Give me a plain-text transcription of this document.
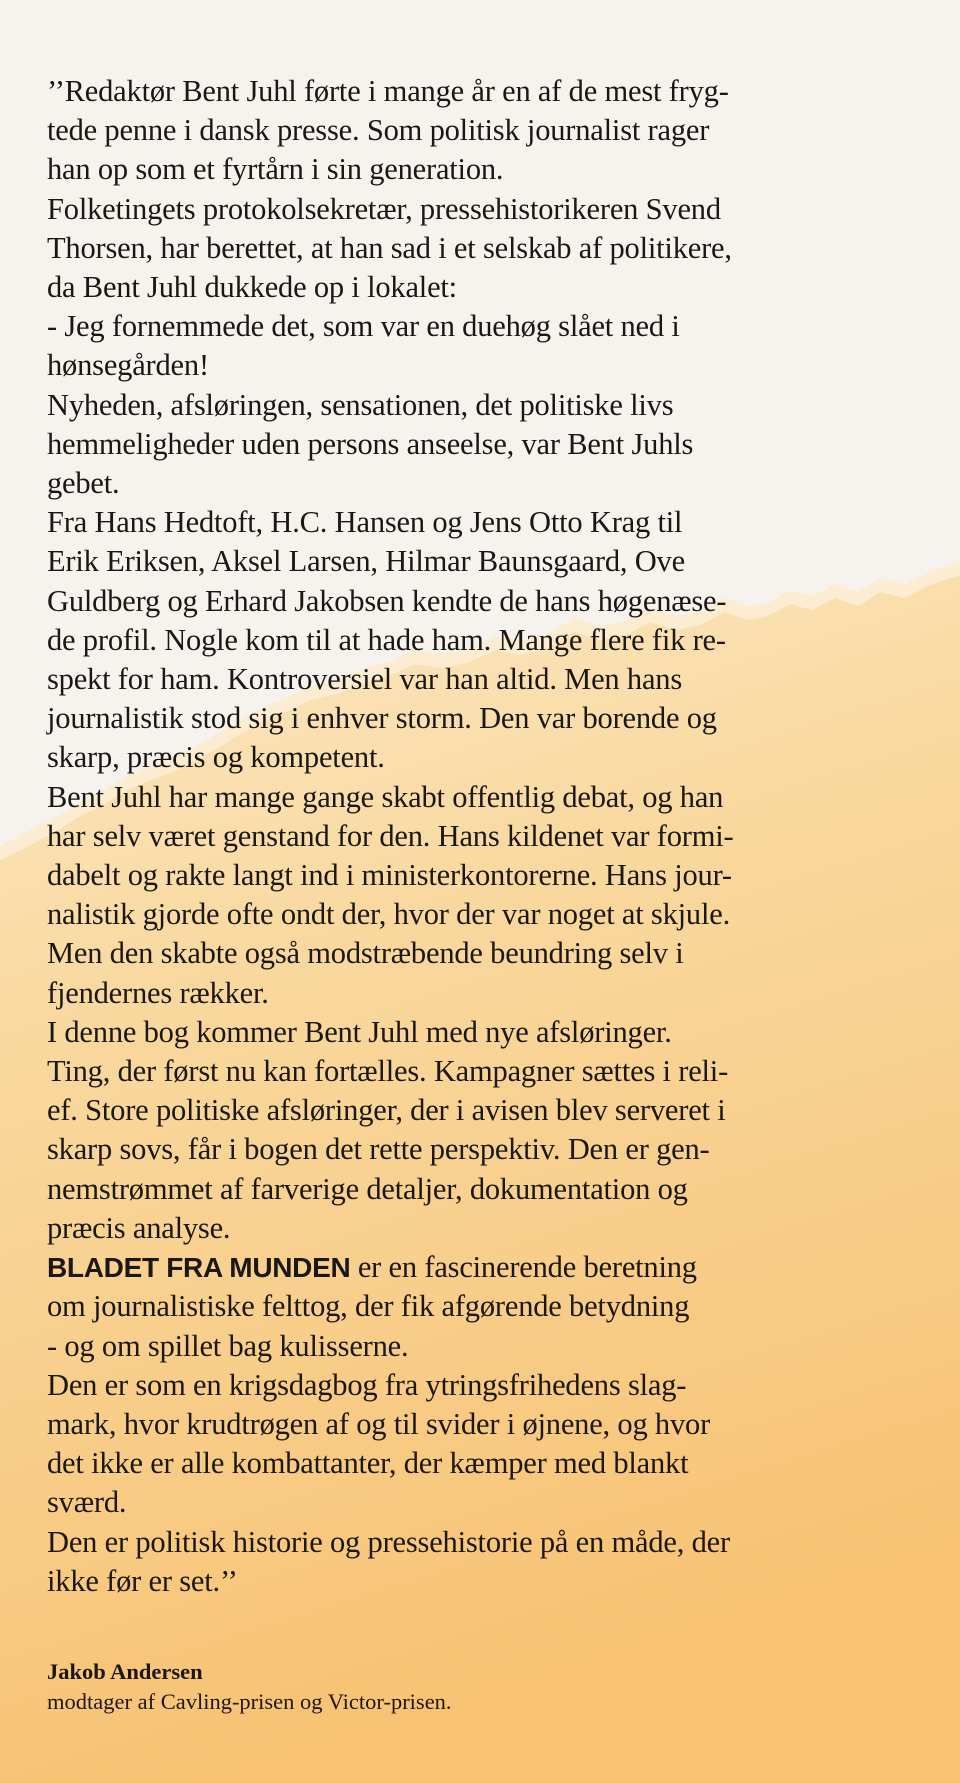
’’Redaktør Bent Juhl førte i mange år en af de mest fryg-
tede penne i dansk presse. Som politisk journalist rager
han op som et fyrtårn i sin generation.

Folketingets protokolsekretær, pressehistorikeren Svend
Thorsen, har berettet, at han sad i et selskab af politikere,
da Bent Juhl dukkede op i lokalet:

- Jeg fornemmede det, som var en duehøg slået ned i
hønsegården!

Nyheden, afsløringen, sensationen, det politiske livs
hemmeligheder uden persons anseelse, var Bent Juhls
gebet.

Fra Hans Hedtoft, H.C. Hansen og Jens Otto Krag til
Erik Eriksen, Aksel Larsen, Hilmar Baunsgaard, Ove
Guldberg og Erhard Jakobsen kendte de hans høgenæse-
de profil. Nogle kom til at hade ham. Mange flere fik re-
spekt for ham. Kontroversiel var han altid. Men hans
journalistik stod sig i enhver storm. Den var borende og
skarp, præcis og kompetent.

Bent Juhl har mange gange skabt offentlig debat, og han
har selv været genstand for den. Hans kildenet var formi-
dabelt og rakte langt ind i ministerkontorerne. Hans jour-
nalistik gjorde ofte ondt der, hvor der var noget at skjule.
Men den skabte også modstræbende beundring selv i
fjendernes rækker.

I denne bog kommer Bent Juhl med nye afsløringer.
Ting, der først nu kan fortælles. Kampagner sættes i reli-
ef. Store politiske afsløringer, der i avisen blev serveret i
skarp sovs, får i bogen det rette perspektiv. Den er gen-
nemstrømmet af farverige detaljer, dokumentation og
præcis analyse.

BLADET FRA MUNDEN er en fascinerende beretning
om journalistiske felttog, der fik afgørende betydning
- og om spillet bag kulisserne.

Den er som en krigsdagbog fra ytringsfrihedens slag-
mark, hvor krudtrøgen af og til svider i øjnene, og hvor
det ikke er alle kombattanter, der kæmper med blankt
sværd.

Den er politisk historie og pressehistorie på en måde, der
ikke før er set.’’

Jakob Andersen
modtager af Cavling-prisen og Victor-prisen.
